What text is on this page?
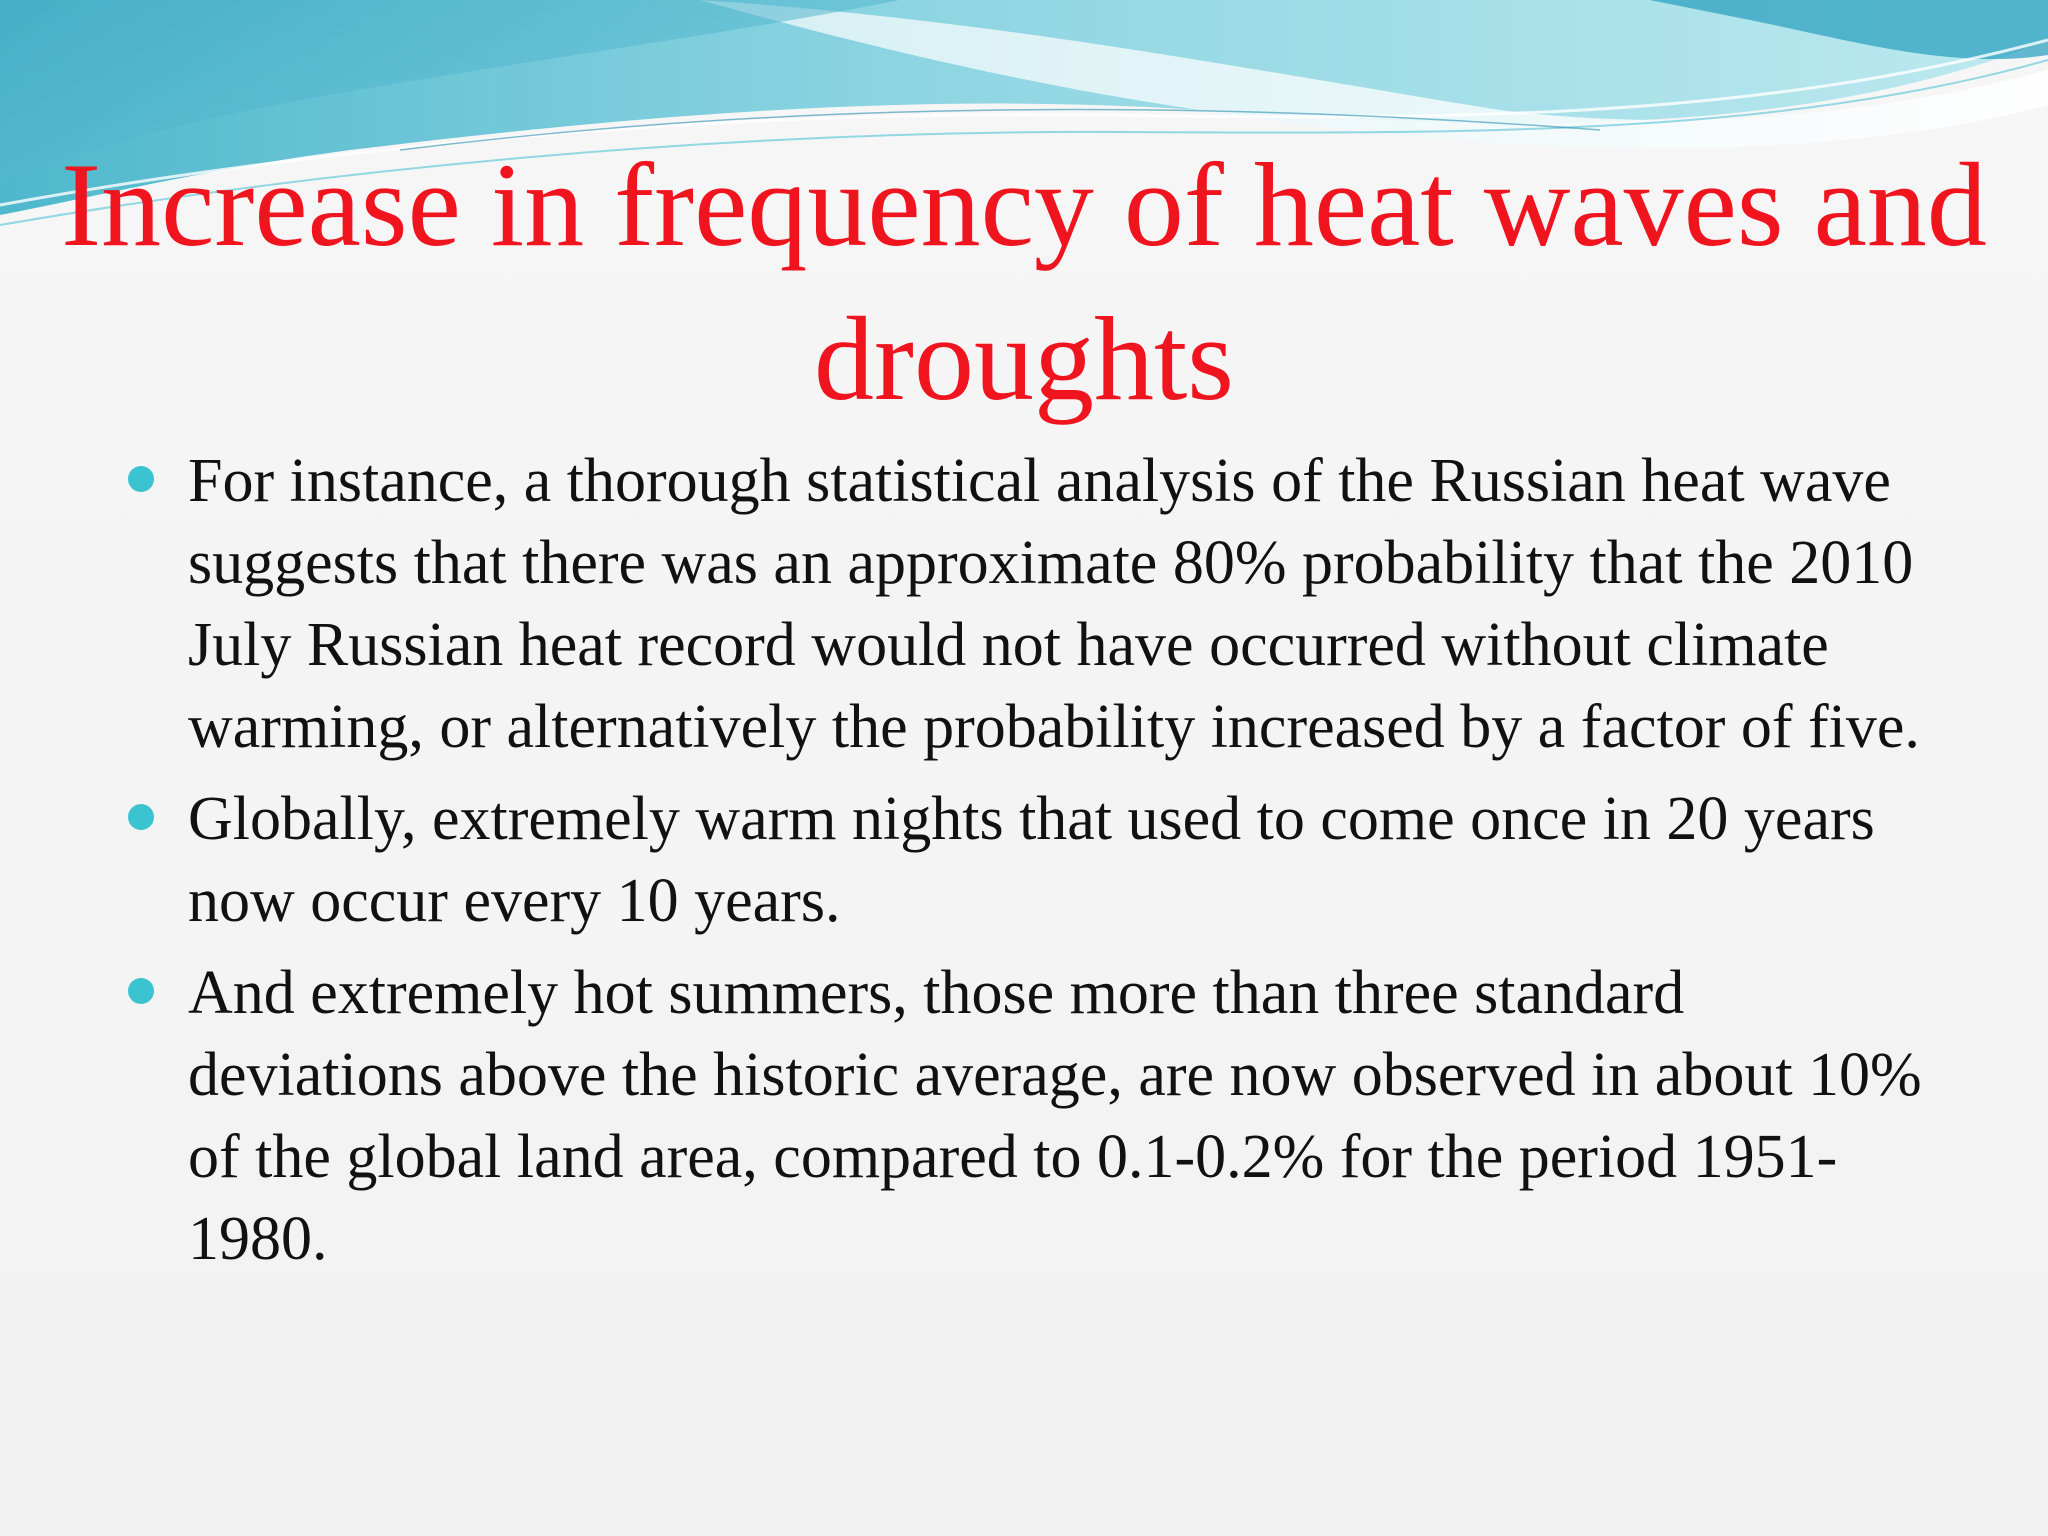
Increase in frequency of heat waves and droughts
For instance, a thorough statistical analysis of the Russian heat wave suggests that there was an approximate 80% probability that the 2010 July Russian heat record would not have occurred without climate warming, or alternatively the probability increased by a factor of five.
Globally, extremely warm nights that used to come once in 20 years now occur every 10 years.
And extremely hot summers, those more than three standard deviations above the historic average, are now observed in about 10% of the global land area, compared to 0.1-0.2% for the period 1951-1980.
